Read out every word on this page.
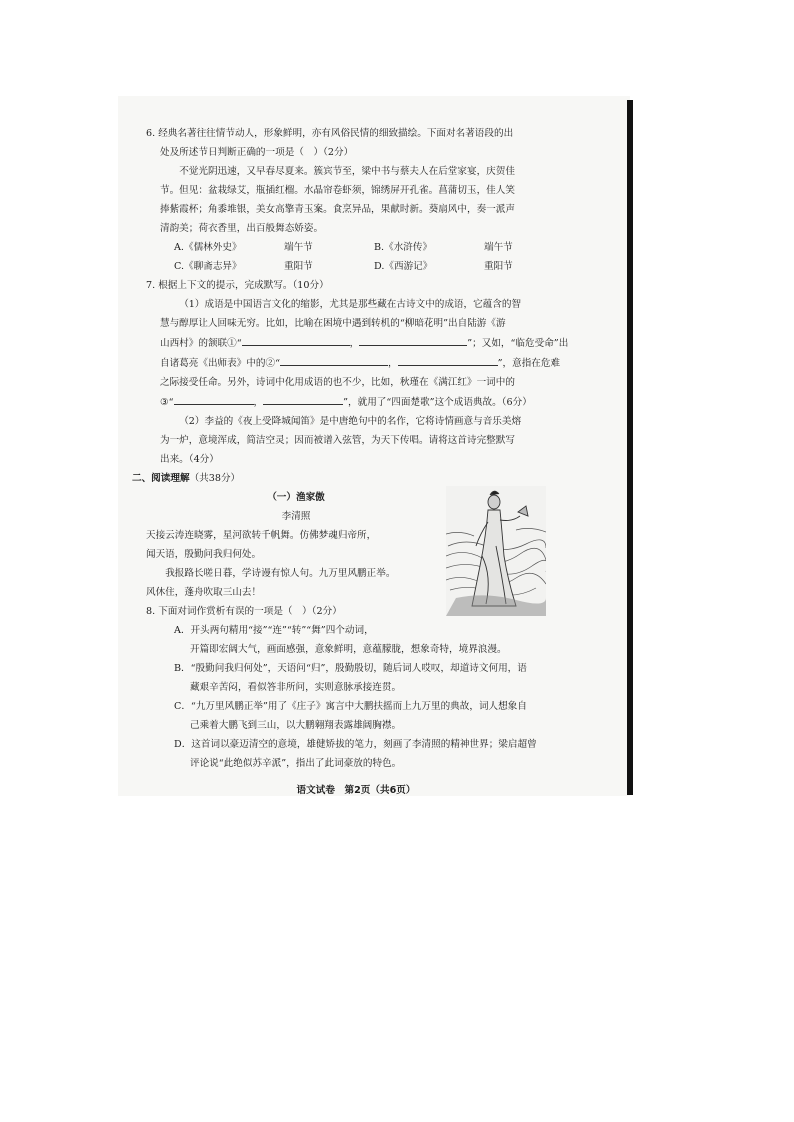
6. 经典名著往往情节动人，形象鲜明，亦有风俗民情的细致描绘。下面对名著语段的出

处及所述节日判断正确的一项是（　）（2分）

不觉光阴迅速，又早春尽夏来。簇宾节至，梁中书与蔡夫人在后堂家宴，庆贺佳

节。但见：盆栽绿艾，瓶插红榴。水晶帘卷虾须，锦绣屏开孔雀。菖蒲切玉，佳人笑

捧紫霞杯；角黍堆银，美女高擎青玉案。食烹异品，果献时新。葵扇风中，奏一派声

清韵美；荷衣香里，出百般舞态娇姿。

A.《儒林外史》	端午节	B.《水浒传》	端午节
C.《聊斋志异》	重阳节	D.《西游记》	重阳节

7. 根据上下文的提示，完成默写。（10分）

（1）成语是中国语言文化的缩影，尤其是那些藏在古诗文中的成语，它蕴含的智

慧与醇厚让人回味无穷。比如，比喻在困境中遇到转机的“柳暗花明”出自陆游《游

山西村》的颔联①“	，	”；又如，“临危受命”出

自诸葛亮《出师表》中的②“	，	”，意指在危难

之际接受任命。另外，诗词中化用成语的也不少，比如，秋瑾在《满江红》一词中的

③“	，	”，就用了“四面楚歌”这个成语典故。（6分）

（2）李益的《夜上受降城闻笛》是中唐绝句中的名作，它将诗情画意与音乐美熔

为一炉，意境浑成，简洁空灵；因而被谱入弦管，为天下传唱。请将这首诗完整默写

出来。（4分）

二、阅读理解（共38分）

（一）渔家傲

李清照

天接云涛连晓雾，星河欲转千帆舞。仿佛梦魂归帝所，

闻天语，殷勤问我归何处。

我报路长嗟日暮，学诗谩有惊人句。九万里风鹏正举。

风休住，蓬舟吹取三山去！

8. 下面对词作赏析有误的一项是（　）（2分）

A．开头两句精用“接”“连”“转”“舞”四个动词，

开篇即宏阔大气，画面感强，意象鲜明，意蕴朦胧，想象奇特，境界浪漫。

B．“殷勤问我归何处”，天语问“归”，殷勤殷切，随后词人哎叹，却道诗文何用，语

藏艰辛苦闷，看似答非所问，实则意脉承接连贯。

C．“九万里风鹏正举”用了《庄子》寓言中大鹏扶摇而上九万里的典故，词人想象自

己乘着大鹏飞到三山，以大鹏翱翔表露雄阔胸襟。

D．这首词以豪迈清空的意境，雄健矫拔的笔力，刻画了李清照的精神世界；梁启超曾

评论说“此绝似苏辛派”，指出了此词豪放的特色。

语文试卷　第2页（共6页）
